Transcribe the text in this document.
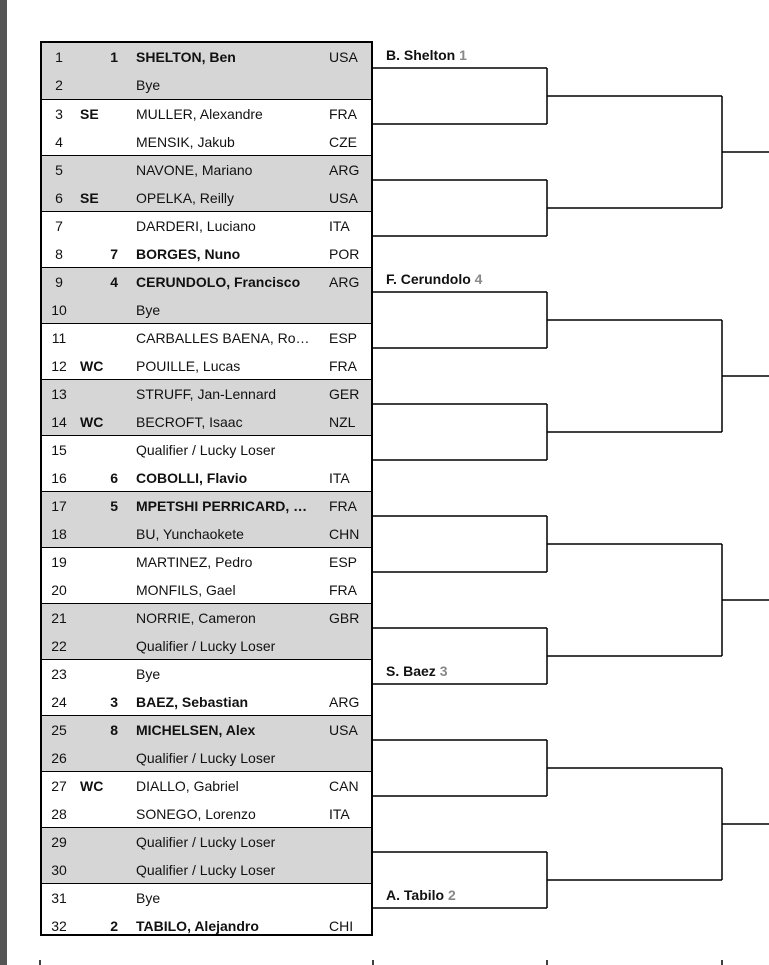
1	1 SHELTON, Ben	USA
2	Bye
3	SE	MULLER, Alexandre	FRA
4	MENSIK, Jakub	CZE
5	NAVONE, Mariano	ARG
6	SE	OPELKA, Reilly	USA
7	DARDERI, Luciano	ITA
8	7 BORGES, Nuno	POR
9	4 CERUNDOLO, Francisco	ARG
10	Bye
11	CARBALLES BAENA, Ro…	ESP
12 WC	POUILLE, Lucas	FRA
13	STRUFF, Jan-Lennard	GER
14 WC	BECROFT, Isaac	NZL
15	Qualifier / Lucky Loser
16	6 COBOLLI, Flavio	ITA
17	5 MPETSHI PERRICARD, …	FRA
18	BU, Yunchaokete	CHN
19	MARTINEZ, Pedro	ESP
20	MONFILS, Gael	FRA
21	NORRIE, Cameron	GBR
22	Qualifier / Lucky Loser
23	Bye
24	3 BAEZ, Sebastian	ARG
25	8 MICHELSEN, Alex	USA
26	Qualifier / Lucky Loser
27 WC	DIALLO, Gabriel	CAN
28	SONEGO, Lorenzo	ITA
29	Qualifier / Lucky Loser
30	Qualifier / Lucky Loser
31	Bye
32	2 TABILO, Alejandro	CHI
B. Shelton 1
F. Cerundolo 4
S. Baez 3
A. Tabilo 2
